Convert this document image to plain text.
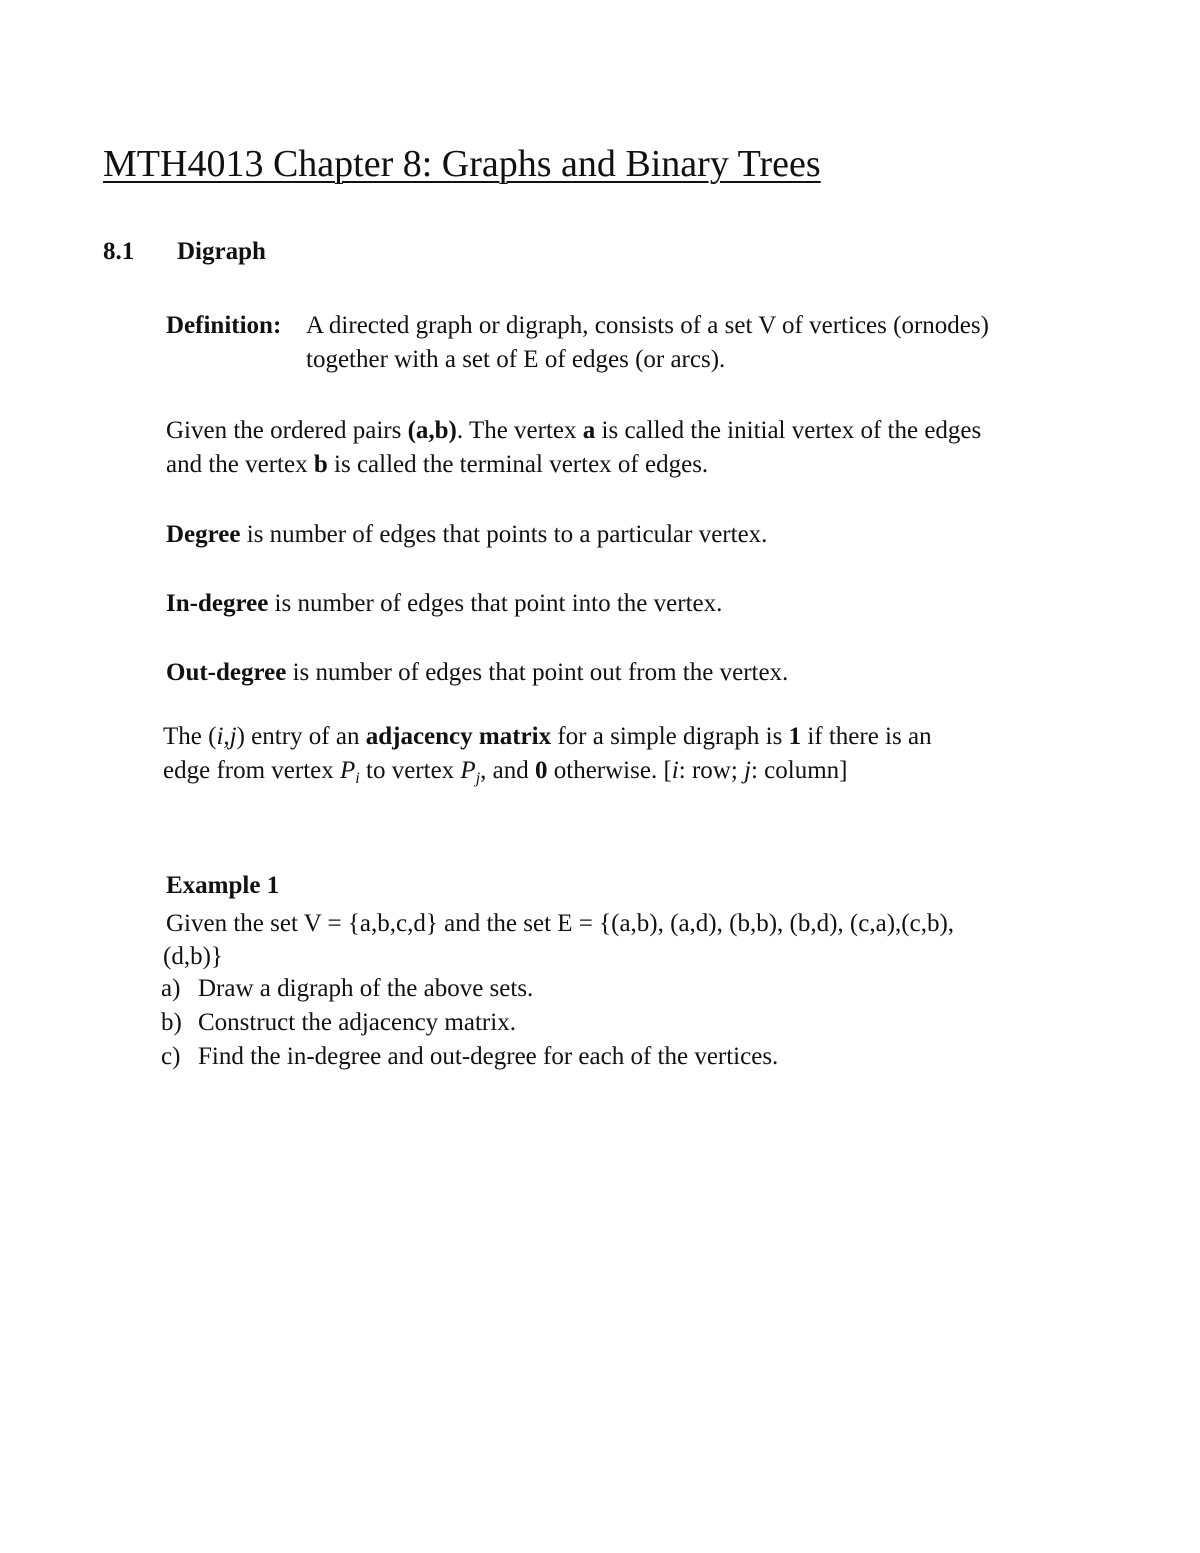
MTH4013 Chapter 8: Graphs and Binary Trees
8.1 Digraph
Definition: A directed graph or digraph, consists of a set V of vertices (ornodes)
together with a set of E of edges (or arcs).
Given the ordered pairs (a,b). The vertex a is called the initial vertex of the edges
and the vertex b is called the terminal vertex of edges.
Degree is number of edges that points to a particular vertex.
In-degree is number of edges that point into the vertex.
Out-degree is number of edges that point out from the vertex.
The (i,j) entry of an adjacency matrix for a simple digraph is 1 if there is an
edge from vertex $P_i$ to vertex $P_j$, and 0 otherwise. [i: row; j: column]
Example 1
Given the set V = {a,b,c,d} and the set E = {(a,b), (a,d), (b,b), (b,d), (c,a),(c,b),
(d,b)}
a) Draw a digraph of the above sets.
b) Construct the adjacency matrix.
c) Find the in-degree and out-degree for each of the vertices.
